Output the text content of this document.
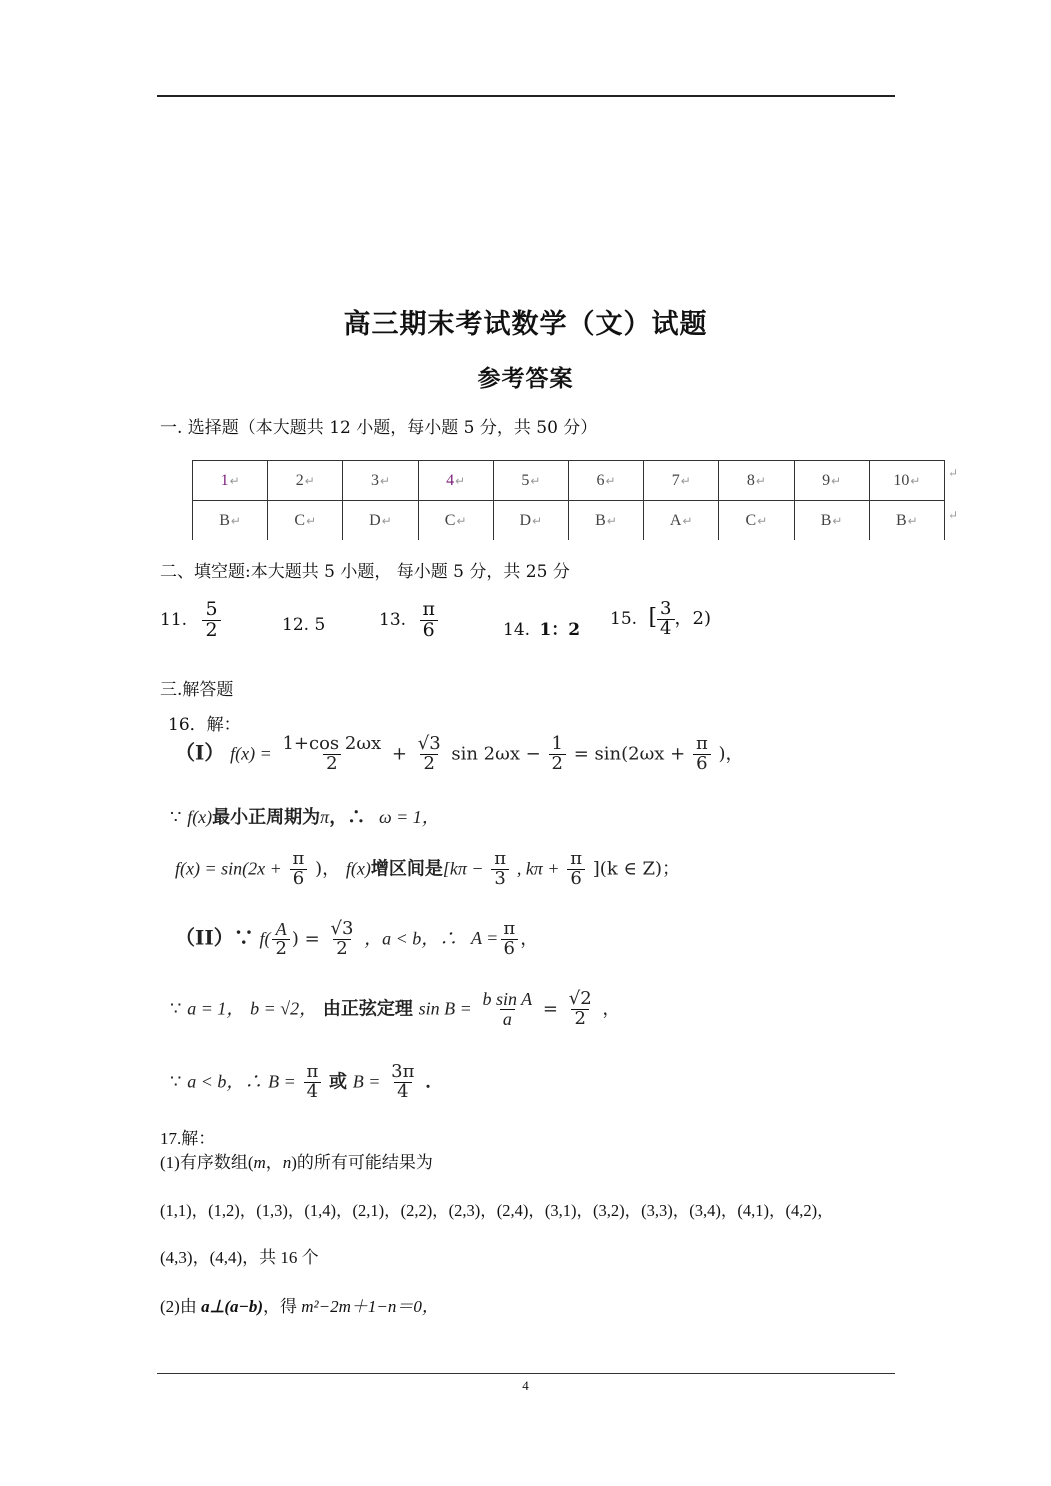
高三期末考试数学（文）试题
参考答案
一. 选择题（本大题共 12 小题，每小题 5 分，共 50 分）
1↵	2↵	3↵	4↵	5↵	6↵	7↵	8↵	9↵	10↵
B↵	C↵	D↵	C↵	D↵	B↵	A↵	C↵	B↵	B↵
↵
↵
二、填空题:本大题共 5 小题， 每小题 5 分，共 25 分
11. $\frac{5}{2}$	12. 5	13. $\frac{\pi}{6}$	14. 1：2
15. [ $\frac{3}{4}$ ，2)
三.解答题
16．解：
（I） $f(x) = \frac{1+\cos 2\omega x}{2} + \frac{√3}{2}$ $\sin 2\omega x - \frac{1}{2} = \sin(2\omega x + \frac{\pi}{6}$ )，
∵ f(x)最小正周期为π，∴ ω = 1，
$f(x) = \sin(2x + \frac{\pi}{6}$ )， f(x)增区间是[$k\pi - \frac{\pi}{3}$ , $k\pi + \frac{\pi}{6} ](k$ ∈ Z)；
（II）∵ $f( \frac{A}{2}$ ) = $\frac{√3}{2}$ ，a < b，∴ $A = \frac{\pi}{6}$ ，
∵ a = 1， b = √2， 由正弦定理 $\sin B = \frac{\text{b sin A}}{a} = \frac{√2}{2}$ ，
∵ a < b，∴ $B = \frac{\pi}{4}$ 或 $B = \frac{3\pi}{4}$ ．
17.解：
(1)有序数组(m，n)的所有可能结果为
(1,1)，(1,2)，(1,3)，(1,4)，(2,1)，(2,2)，(2,3)，(2,4)，(3,1)，(3,2)，(3,3)，(3,4)，(4,1)，(4,2)，
(4,3)，(4,4)，共 16 个
(2)由 a⊥(a−b)，得 m²−2m＋1−n＝0，
4
